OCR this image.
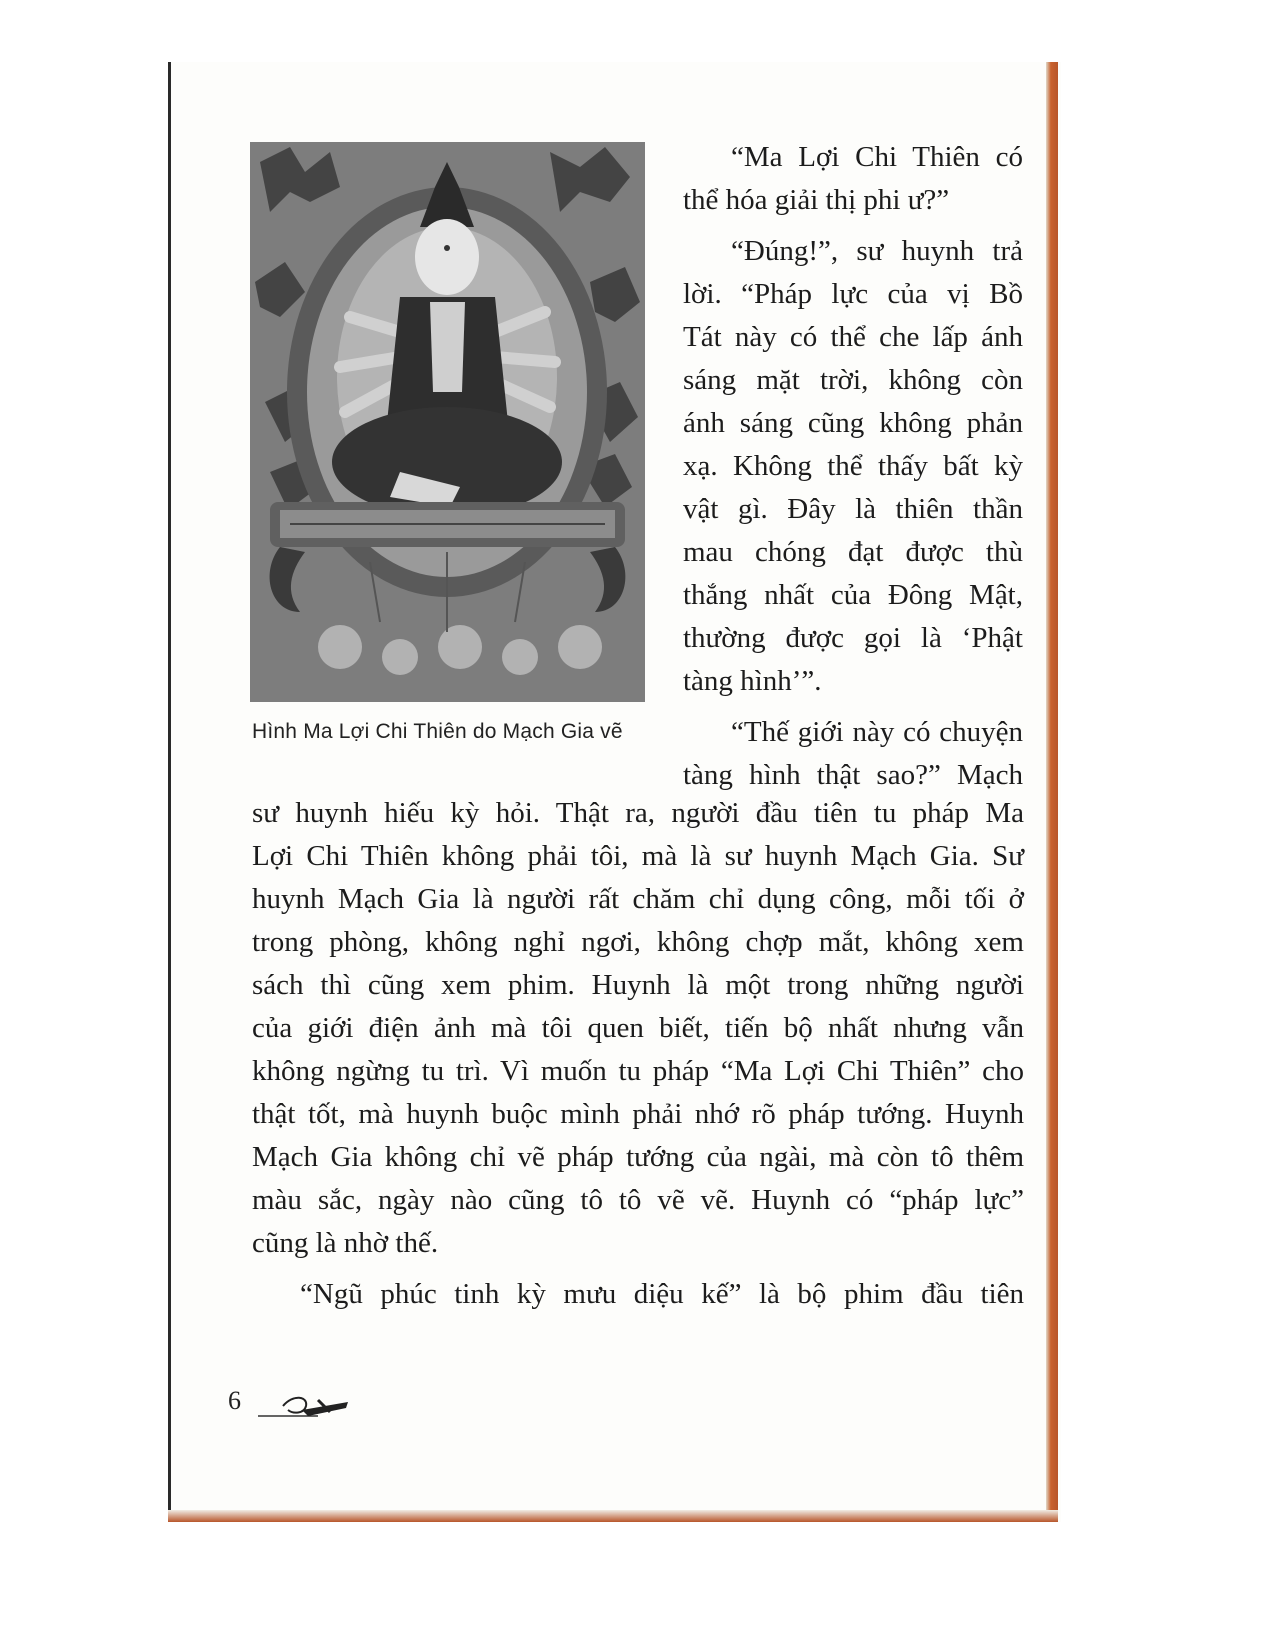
Hình Ma Lợi Chi Thiên do Mạch Gia vẽ
“Ma Lợi Chi Thiên có
thể hóa giải thị phi ư?”
“Đúng!”, sư huynh trả
lời. “Pháp lực của vị Bồ
Tát này có thể che lấp ánh
sáng mặt trời, không còn
ánh sáng cũng không phản
xạ. Không thể thấy bất kỳ
vật gì. Đây là thiên thần
mau chóng đạt được thù
thắng nhất của Đông Mật,
thường được gọi là ‘Phật
tàng hình’”.
“Thế giới này có chuyện
tàng hình thật sao?” Mạch
sư huynh hiếu kỳ hỏi. Thật ra, người đầu tiên tu pháp Ma
Lợi Chi Thiên không phải tôi, mà là sư huynh Mạch Gia. Sư
huynh Mạch Gia là người rất chăm chỉ dụng công, mỗi tối ở
trong phòng, không nghỉ ngơi, không chợp mắt, không xem
sách thì cũng xem phim. Huynh là một trong những người
của giới điện ảnh mà tôi quen biết, tiến bộ nhất nhưng vẫn
không ngừng tu trì. Vì muốn tu pháp “Ma Lợi Chi Thiên” cho
thật tốt, mà huynh buộc mình phải nhớ rõ pháp tướng. Huynh
Mạch Gia không chỉ vẽ pháp tướng của ngài, mà còn tô thêm
màu sắc, ngày nào cũng tô tô vẽ vẽ. Huynh có “pháp lực”
cũng là nhờ thế.
“Ngũ phúc tinh kỳ mưu diệu kế” là bộ phim đầu tiên
6
